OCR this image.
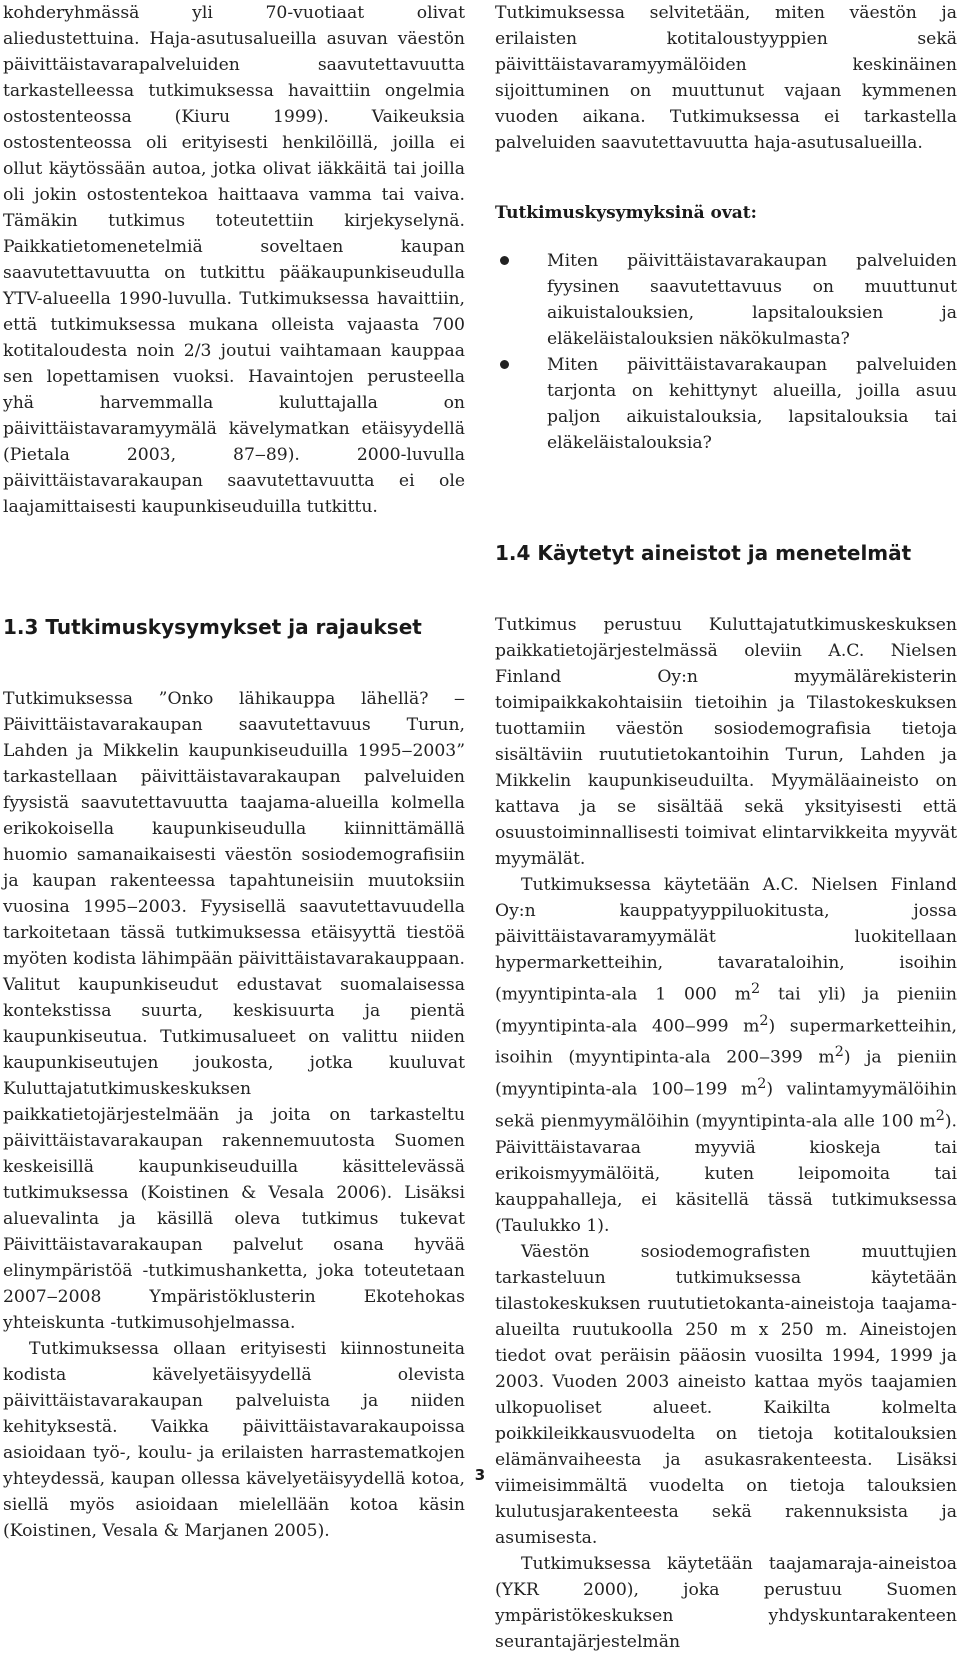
kohderyhmässä yli 70-vuotiaat olivat aliedustettuina. Haja-asutusalueilla asuvan väestön päivittäistavarapalveluiden saavutettavuutta tarkastelleessa tutkimuksessa havaittiin ongelmia ostostenteossa (Kiuru 1999). Vaikeuksia ostostenteossa oli erityisesti henkilöillä, joilla ei ollut käytössään autoa, jotka olivat iäkkäitä tai joilla oli jokin ostostentekoa haittaava vamma tai vaiva. Tämäkin tutkimus toteutettiin kirjekyselynä. Paikkatietomenetelmiä soveltaen kaupan saavutettavuutta on tutkittu pääkaupunkiseudulla YTV-alueella 1990-luvulla. Tutkimuksessa havaittiin, että tutkimuksessa mukana olleista vajaasta 700 kotitaloudesta noin 2/3 joutui vaihtamaan kauppaa sen lopettamisen vuoksi. Havaintojen perusteella yhä harvemmalla kuluttajalla on päivittäistavaramyymälä kävelymatkan etäisyydellä (Pietala 2003, 87‒89). 2000-luvulla päivittäistavarakaupan saavutettavuutta ei ole laajamittaisesti kaupunkiseuduilla tutkittu.

1.3 Tutkimuskysymykset ja rajaukset

Tutkimuksessa ”Onko lähikauppa lähellä? ‒ Päivittäistavarakaupan saavutettavuus Turun, Lahden ja Mikkelin kaupunkiseuduilla 1995‒2003” tarkastellaan päivittäistavarakaupan palveluiden fyysistä saavutettavuutta taajama-alueilla kolmella erikokoisella kaupunkiseudulla kiinnittämällä huomio samanaikaisesti väestön sosiodemografisiin ja kaupan rakenteessa tapahtuneisiin muutoksiin vuosina 1995‒2003. Fyysisellä saavutettavuudella tarkoitetaan tässä tutkimuksessa etäisyyttä tiestöä myöten kodista lähimpään päivittäistavarakauppaan. Valitut kaupunkiseudut edustavat suomalaisessa kontekstissa suurta, keskisuurta ja pientä kaupunkiseutua. Tutkimusalueet on valittu niiden kaupunkiseutujen joukosta, jotka kuuluvat Kuluttajatutkimuskeskuksen paikkatietojärjestelmään ja joita on tarkasteltu päivittäistavarakaupan rakennemuutosta Suomen keskeisillä kaupunkiseuduilla käsittelevässä tutkimuksessa (Koistinen & Vesala 2006). Lisäksi aluevalinta ja käsillä oleva tutkimus tukevat Päivittäistavarakaupan palvelut osana hyvää elinympäristöä -tutkimushanketta, joka toteutetaan 2007‒2008 Ympäristöklusterin Ekotehokas yhteiskunta -tutkimusohjelmassa.

Tutkimuksessa ollaan erityisesti kiinnostuneita kodista kävelyetäisyydellä olevista päivittäistavarakaupan palveluista ja niiden kehityksestä. Vaikka päivittäistavarakaupoissa asioidaan työ-, koulu- ja erilaisten harrastematkojen yhteydessä, kaupan ollessa kävelyetäisyydellä kotoa, siellä myös asioidaan mielellään kotoa käsin (Koistinen, Vesala & Marjanen 2005).

Tutkimuksessa selvitetään, miten väestön ja erilaisten kotitaloustyyppien sekä päivittäistavaramyymälöiden keskinäinen sijoittuminen on muuttunut vajaan kymmenen vuoden aikana. Tutkimuksessa ei tarkastella palveluiden saavutettavuutta haja-asutusalueilla.

Tutkimuskysymyksinä ovat:
Miten päivittäistavarakaupan palveluiden fyysinen saavutettavuus on muuttunut aikuistalouksien, lapsitalouksien ja eläkeläistalouksien näkökulmasta?
Miten päivittäistavarakaupan palveluiden tarjonta on kehittynyt alueilla, joilla asuu paljon aikuistalouksia, lapsitalouksia tai eläkeläistalouksia?
1.4 Käytetyt aineistot ja menetelmät

Tutkimus perustuu Kuluttajatutkimuskeskuksen paikkatietojärjestelmässä oleviin A.C. Nielsen Finland Oy:n myymälärekisterin toimipaikkakohtaisiin tietoihin ja Tilastokeskuksen tuottamiin väestön sosiodemografisia tietoja sisältäviin ruututietokantoihin Turun, Lahden ja Mikkelin kaupunkiseuduilta. Myymäläaineisto on kattava ja se sisältää sekä yksityisesti että osuustoiminnallisesti toimivat elintarvikkeita myyvät myymälät.

Tutkimuksessa käytetään A.C. Nielsen Finland Oy:n kauppatyyppiluokitusta, jossa päivittäistavaramyymälät luokitellaan hypermarketteihin, tavarataloihin, isoihin (myyntipinta-ala 1 000 $m^2$ tai yli) ja pieniin (myyntipinta-ala 400‒999 $m^2$) supermarketteihin, isoihin (myyntipinta-ala 200‒399 $m^2$) ja pieniin (myyntipinta-ala 100‒199 $m^2$) valintamyymälöihin sekä pienmyymälöihin (myyntipinta-ala alle 100 $m^2$). Päivittäistavaraa myyviä kioskeja tai erikoismyymälöitä, kuten leipomoita tai kauppahalleja, ei käsitellä tässä tutkimuksessa (Taulukko 1).

Väestön sosiodemografisten muuttujien tarkasteluun tutkimuksessa käytetään tilastokeskuksen ruututietokanta-aineistoja taajama-alueilta ruutukoolla 250 m x 250 m. Aineistojen tiedot ovat peräisin pääosin vuosilta 1994, 1999 ja 2003. Vuoden 2003 aineisto kattaa myös taajamien ulkopuoliset alueet. Kaikilta kolmelta poikkileikkausvuodelta on tietoja kotitalouksien elämänvaiheesta ja asukasrakenteesta. Lisäksi viimeisimmältä vuodelta on tietoja talouksien kulutusjarakenteesta sekä rakennuksista ja asumisesta.

Tutkimuksessa käytetään taajamaraja-aineistoa (YKR 2000), joka perustuu Suomen ympäristökeskuksen yhdyskuntarakenteen seurantajärjestelmän

3
